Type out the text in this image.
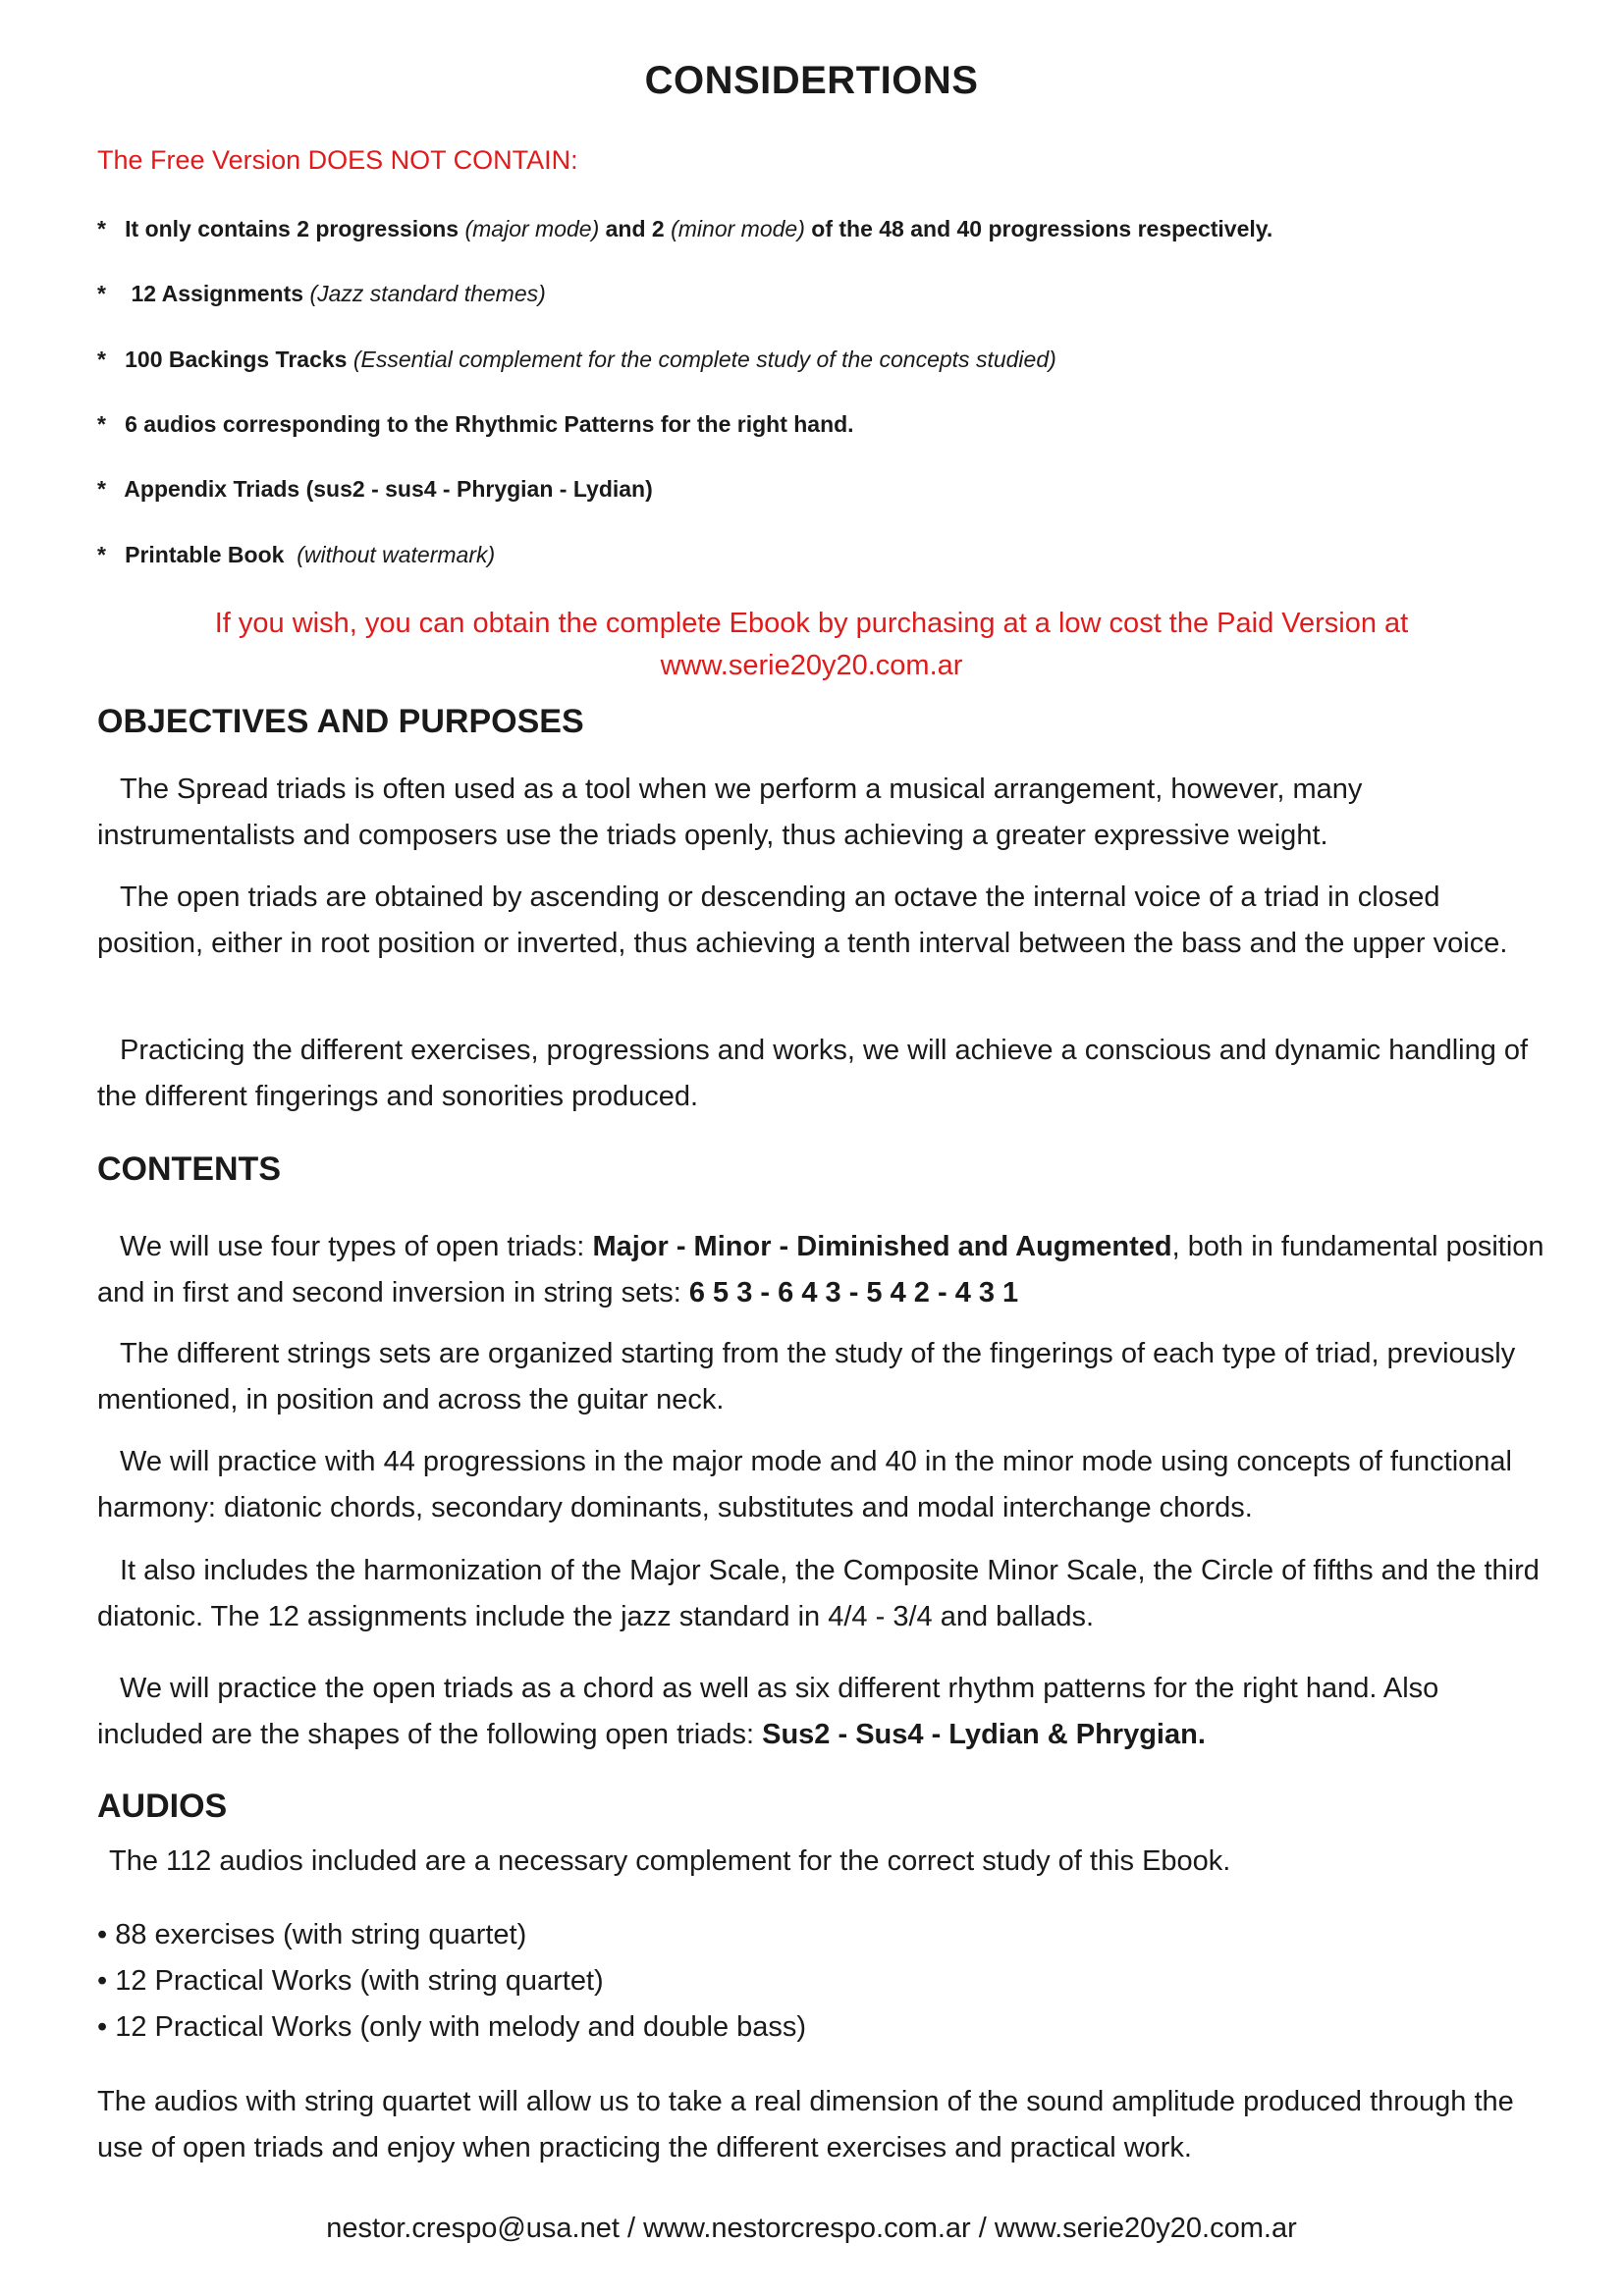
CONSIDERTIONS
The Free Version DOES NOT CONTAIN:
* It only contains 2 progressions (major mode) and 2 (minor mode) of the 48 and 40 progressions respectively.
* 12 Assignments (Jazz standard themes)
* 100 Backings Tracks (Essential complement for the complete study of the concepts studied)
* 6 audios corresponding to the Rhythmic Patterns for the right hand.
* Appendix Triads (sus2 - sus4 - Phrygian - Lydian)
* Printable Book (without watermark)
If you wish, you can obtain the complete Ebook by purchasing at a low cost the Paid Version at
www.serie20y20.com.ar
OBJECTIVES AND PURPOSES
The Spread triads is often used as a tool when we perform a musical arrangement, however, many instrumentalists and composers use the triads openly, thus achieving a greater expressive weight.
The open triads are obtained by ascending or descending an octave the internal voice of a triad in closed position, either in root position or inverted, thus achieving a tenth interval between the bass and the upper voice.
Practicing the different exercises, progressions and works, we will achieve a conscious and dynamic handling of the different fingerings and sonorities produced.
CONTENTS
We will use four types of open triads: Major - Minor - Diminished and Augmented, both in fundamental position and in first and second inversion in string sets: 6 5 3 - 6 4 3 - 5 4 2 - 4 3 1
The different strings sets are organized starting from the study of the fingerings of each type of triad, previously mentioned, in position and across the guitar neck.
We will practice with 44 progressions in the major mode and 40 in the minor mode using concepts of functional harmony: diatonic chords, secondary dominants, substitutes and modal interchange chords.
It also includes the harmonization of the Major Scale, the Composite Minor Scale, the Circle of fifths and the third diatonic. The 12 assignments include the jazz standard in 4/4 - 3/4 and ballads.
We will practice the open triads as a chord as well as six different rhythm patterns for the right hand. Also included are the shapes of the following open triads: Sus2 - Sus4 - Lydian & Phrygian.
AUDIOS
The 112 audios included are a necessary complement for the correct study of this Ebook.
• 88 exercises (with string quartet)
• 12 Practical Works (with string quartet)
• 12 Practical Works (only with melody and double bass)
The audios with string quartet will allow us to take a real dimension of the sound amplitude produced through the use of open triads and enjoy when practicing the different exercises and practical work.
nestor.crespo@usa.net / www.nestorcrespo.com.ar / www.serie20y20.com.ar
